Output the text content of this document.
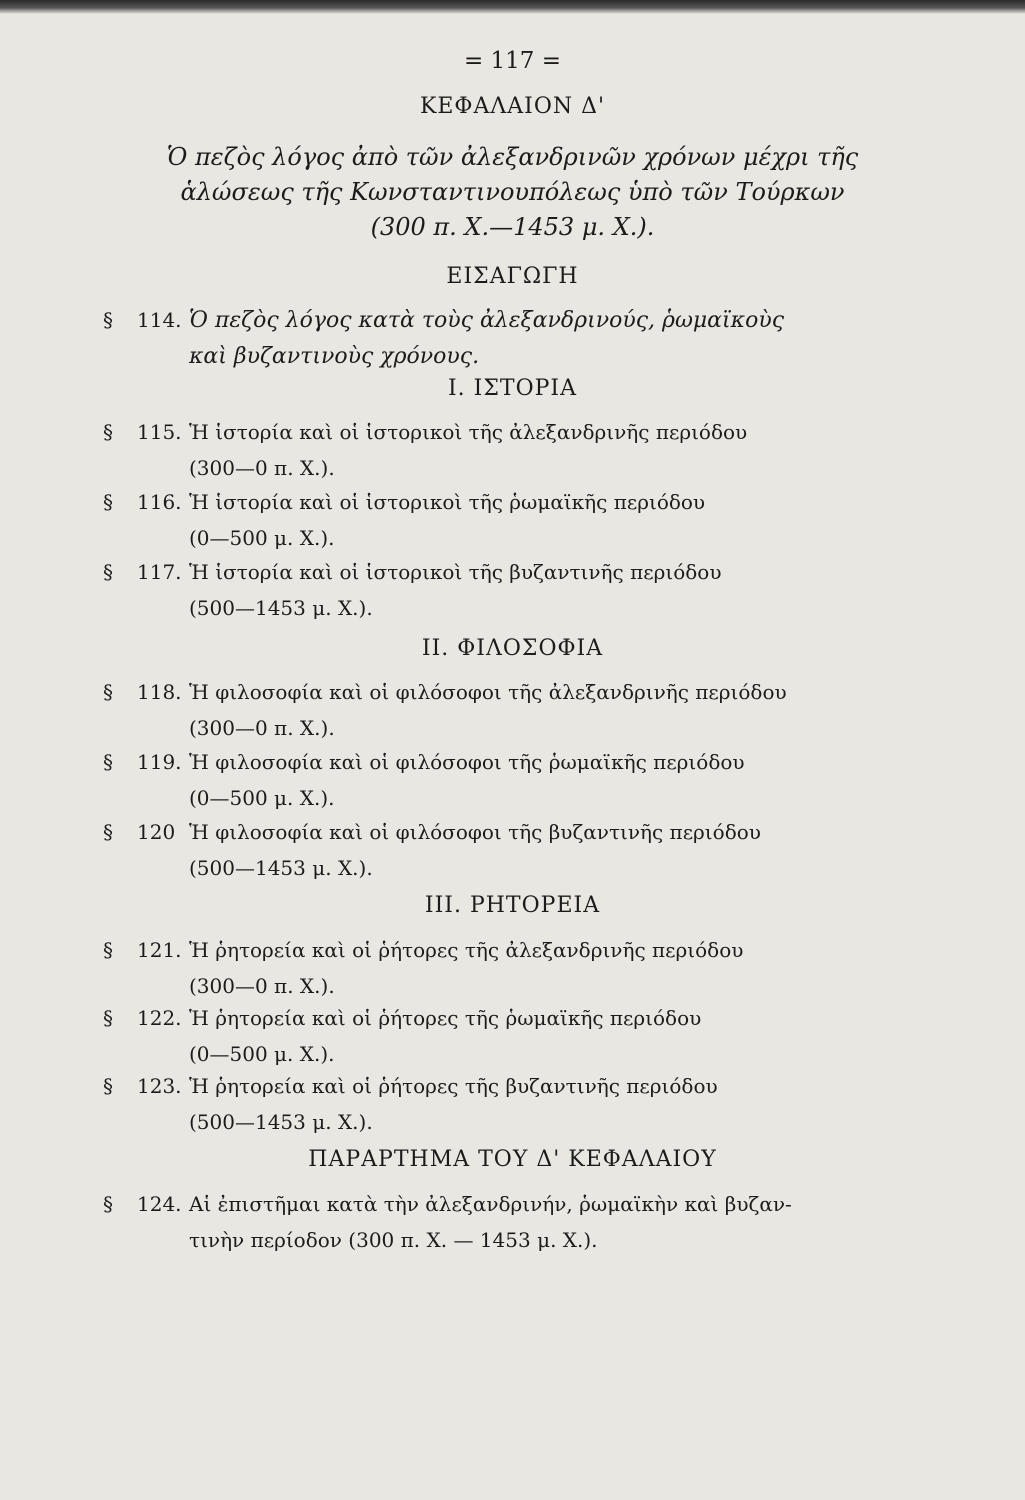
= 117 =
ΚΕΦΑΛΑΙΟΝ Δ'
Ὁ πεζὸς λόγος ἀπὸ τῶν ἀλεξανδρινῶν χρόνων μέχρι τῆς
ἁλώσεως τῆς Κωνσταντινουπόλεως ὑπὸ τῶν Τούρκων
(300 π. Χ.—1453 μ. Χ.).
ΕΙΣΑΓΩΓΗ
§ 114. Ὁ πεζὸς λόγος κατὰ τοὺς ἀλεξανδρινούς, ῥωμαϊκοὺς
καὶ βυζαντινοὺς χρόνους.
I. ΙΣΤΟΡΙΑ
§ 115. Ἡ ἱστορία καὶ οἱ ἱστορικοὶ τῆς ἀλεξανδρινῆς περιόδου
(300—0 π. Χ.).
§ 116. Ἡ ἱστορία καὶ οἱ ἱστορικοὶ τῆς ῥωμαϊκῆς περιόδου
(0—500 μ. Χ.).
§ 117. Ἡ ἱστορία καὶ οἱ ἱστορικοὶ τῆς βυζαντινῆς περιόδου
(500—1453 μ. Χ.).
II. ΦΙΛΟΣΟΦΙΑ
§ 118. Ἡ φιλοσοφία καὶ οἱ φιλόσοφοι τῆς ἀλεξανδρινῆς περιόδου
(300—0 π. Χ.).
§ 119. Ἡ φιλοσοφία καὶ οἱ φιλόσοφοι τῆς ῥωμαϊκῆς περιόδου
(0—500 μ. Χ.).
§ 120 Ἡ φιλοσοφία καὶ οἱ φιλόσοφοι τῆς βυζαντινῆς περιόδου
(500—1453 μ. Χ.).
III. ΡΗΤΟΡΕΙΑ
§ 121. Ἡ ῥητορεία καὶ οἱ ῥήτορες τῆς ἀλεξανδρινῆς περιόδου
(300—0 π. Χ.).
§ 122. Ἡ ῥητορεία καὶ οἱ ῥήτορες τῆς ῥωμαϊκῆς περιόδου
(0—500 μ. Χ.).
§ 123. Ἡ ῥητορεία καὶ οἱ ῥήτορες τῆς βυζαντινῆς περιόδου
(500—1453 μ. Χ.).
ΠΑΡΑΡΤΗΜΑ ΤΟΥ Δ' ΚΕΦΑΛΑΙΟΥ
§ 124. Αἱ ἐπιστῆμαι κατὰ τὴν ἀλεξανδρινήν, ῥωμαϊκὴν καὶ βυζαν-
τινὴν περίοδον (300 π. Χ. — 1453 μ. Χ.).
